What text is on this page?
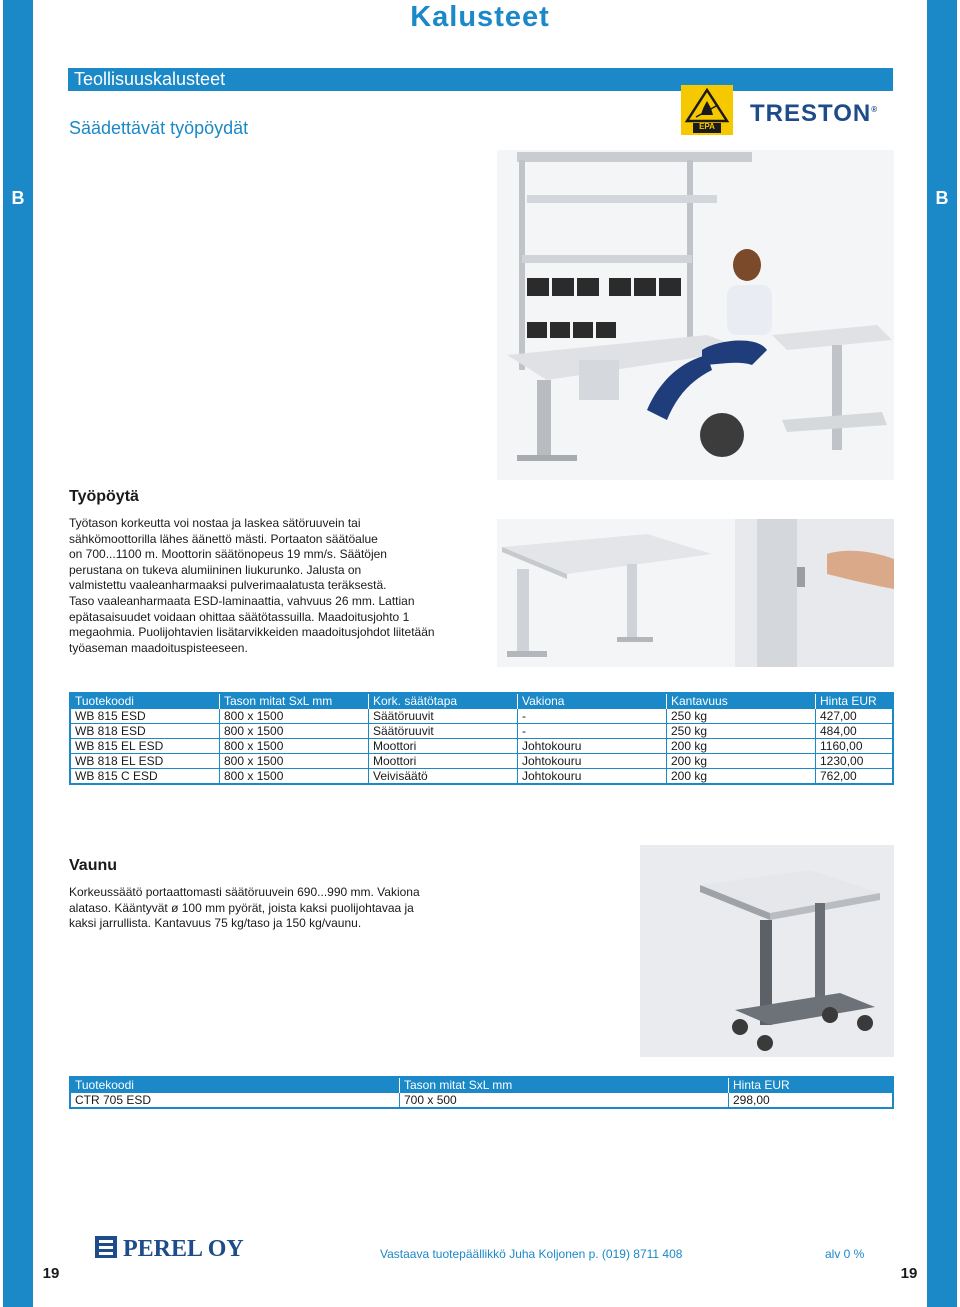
B	B
19	19
Kalusteet
Teollisuuskalusteet
Säädettävät työpöydät	EPA	TRESTON®
Työpöytä
Työtason korkeutta voi nostaa ja laskea sätöruuvein tai
sähkömoottorilla lähes äänettö mästi. Portaaton säätöalue
on 700...1100 m. Moottorin säätönopeus 19 mm/s. Säätöjen
perustana on tukeva alumiininen liukurunko. Jalusta on
valmistettu vaaleanharmaaksi pulverimaalatusta teräksestä.
Taso vaaleanharmaata ESD-laminaattia, vahvuus 26 mm. Lattian
epätasaisuudet voidaan ohittaa säätötassuilla. Maadoitusjohto 1
megaohmia. Puolijohtavien lisätarvikkeiden maadoitusjohdot liitetään
työaseman maadoituspisteeseen.
Tuotekoodi	Tason mitat SxL mm	Kork. säätötapa	Vakiona	Kantavuus	Hinta EUR
WB 815 ESD	800 x 1500	Säätöruuvit	-	250 kg	427,00
WB 818 ESD	800 x 1500	Säätöruuvit	-	250 kg	484,00
WB 815 EL ESD	800 x 1500	Moottori	Johtokouru	200 kg	1160,00
WB 818 EL ESD	800 x 1500	Moottori	Johtokouru	200 kg	1230,00
WB 815 C ESD	800 x 1500	Veivisäätö	Johtokouru	200 kg	762,00
Vaunu
Korkeussäätö portaattomasti säätöruuvein 690...990 mm. Vakiona
alataso. Kääntyvät ø 100 mm pyörät, joista kaksi puolijohtavaa ja
kaksi jarrullista. Kantavuus 75 kg/taso ja 150 kg/vaunu.
Tuotekoodi	Tason mitat SxL mm	Hinta EUR
CTR 705 ESD	700 x 500	298,00
PEREL OY	Vastaava tuotepäällikkö Juha Koljonen p. (019) 8711 408	alv 0 %
